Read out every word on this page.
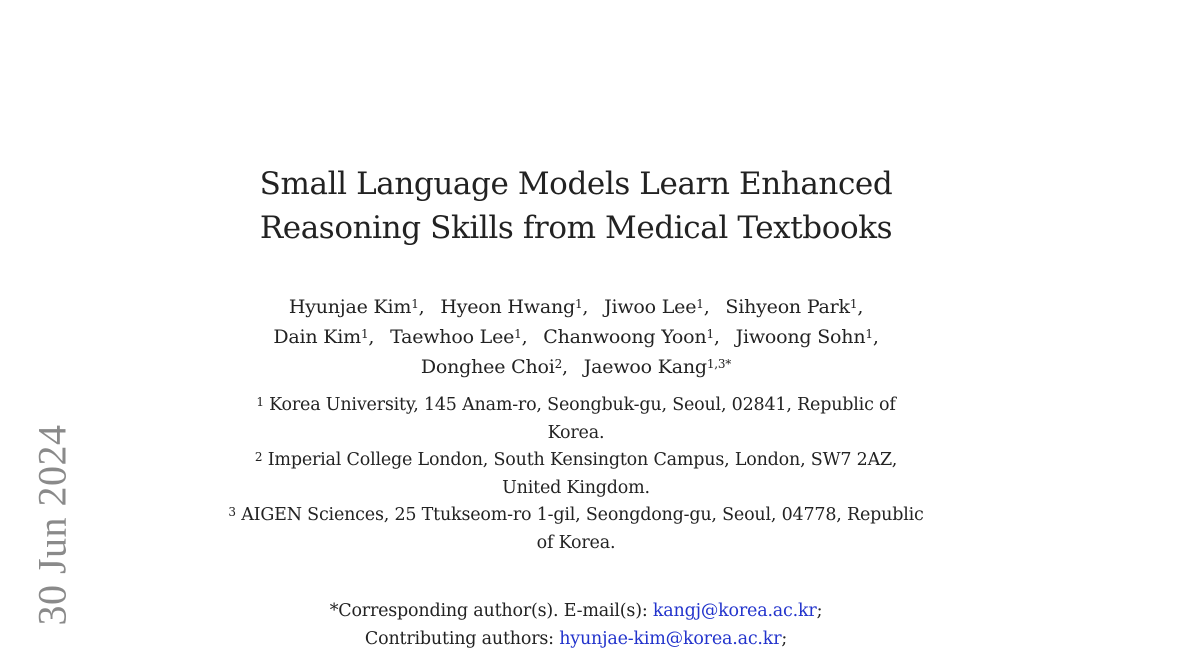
30 Jun 2024
Small Language Models Learn Enhanced
Reasoning Skills from Medical Textbooks
Hyunjae Kim$^1$, Hyeon Hwang$^1$, Jiwoo Lee$^1$, Sihyeon Park$^1$,
Dain Kim$^1$, Taewhoo Lee$^1$, Chanwoong Yoon$^1$, Jiwoong Sohn$^1$,
Donghee Choi$^2$, Jaewoo Kang$^{1,3*}$

$^1$ Korea University, 145 Anam-ro, Seongbuk-gu, Seoul, 02841, Republic of Korea.

$^2$ Imperial College London, South Kensington Campus, London, SW7 2AZ, United Kingdom.

$^3$ AIGEN Sciences, 25 Ttukseom-ro 1-gil, Seongdong-gu, Seoul, 04778, Republic of Korea.

*Corresponding author(s). E-mail(s): kangj@korea.ac.kr;
Contributing authors: hyunjae-kim@korea.ac.kr;
